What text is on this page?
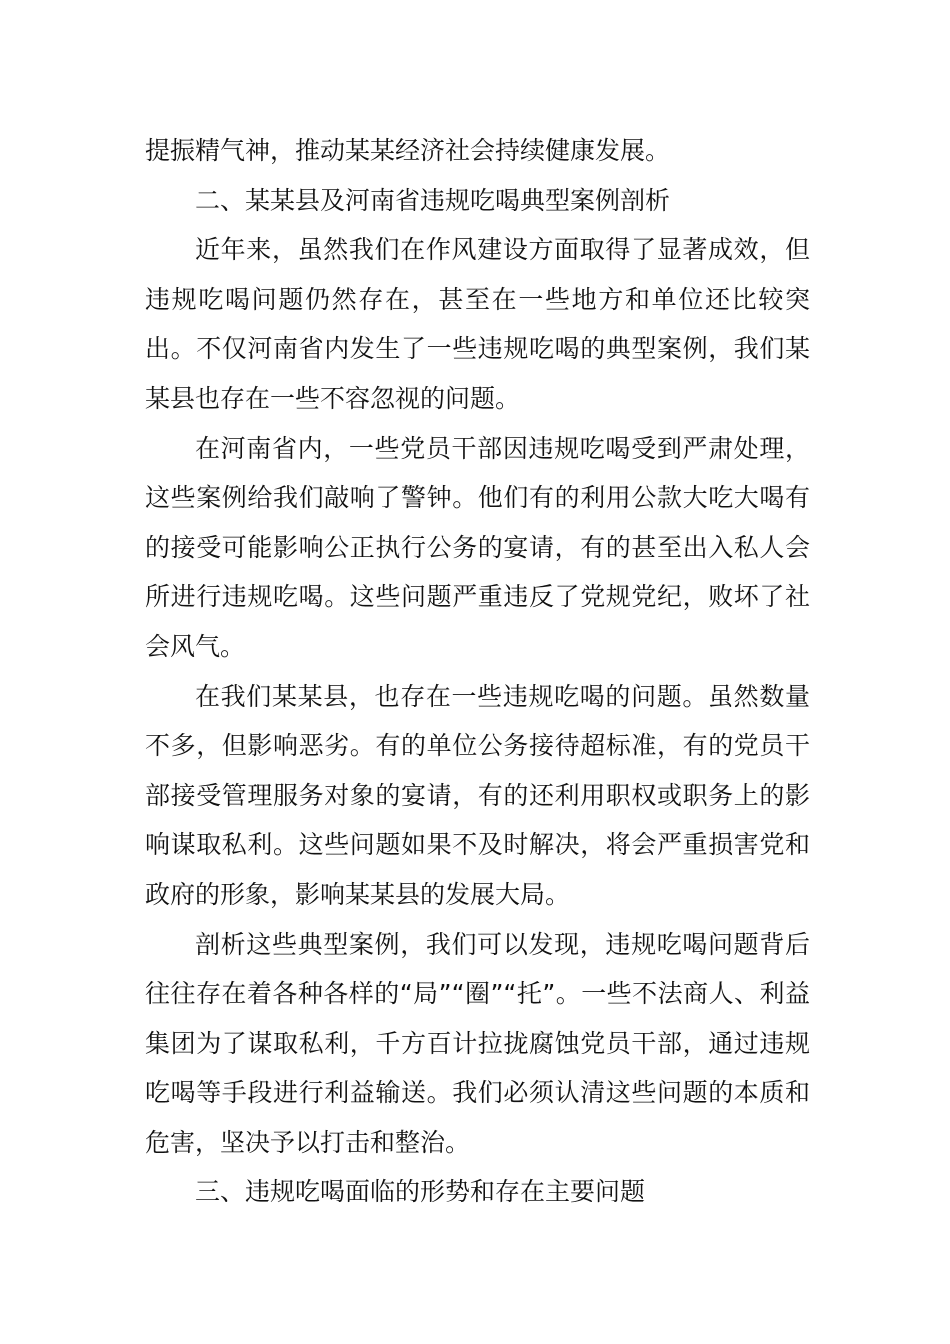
提振精气神，推动某某经济社会持续健康发展。

二、某某县及河南省违规吃喝典型案例剖析

近年来，虽然我们在作风建设方面取得了显著成效，但违规吃喝问题仍然存在，甚至在一些地方和单位还比较突出。不仅河南省内发生了一些违规吃喝的典型案例，我们某某县也存在一些不容忽视的问题。

在河南省内，一些党员干部因违规吃喝受到严肃处理，这些案例给我们敲响了警钟。他们有的利用公款大吃大喝有的接受可能影响公正执行公务的宴请，有的甚至出入私人会所进行违规吃喝。这些问题严重违反了党规党纪，败坏了社会风气。

在我们某某县，也存在一些违规吃喝的问题。虽然数量不多，但影响恶劣。有的单位公务接待超标准，有的党员干部接受管理服务对象的宴请，有的还利用职权或职务上的影响谋取私利。这些问题如果不及时解决，将会严重损害党和政府的形象，影响某某县的发展大局。

剖析这些典型案例，我们可以发现，违规吃喝问题背后往往存在着各种各样的“局”“圈”“托”。一些不法商人、利益集团为了谋取私利，千方百计拉拢腐蚀党员干部，通过违规吃喝等手段进行利益输送。我们必须认清这些问题的本质和危害，坚决予以打击和整治。

三、违规吃喝面临的形势和存在主要问题
